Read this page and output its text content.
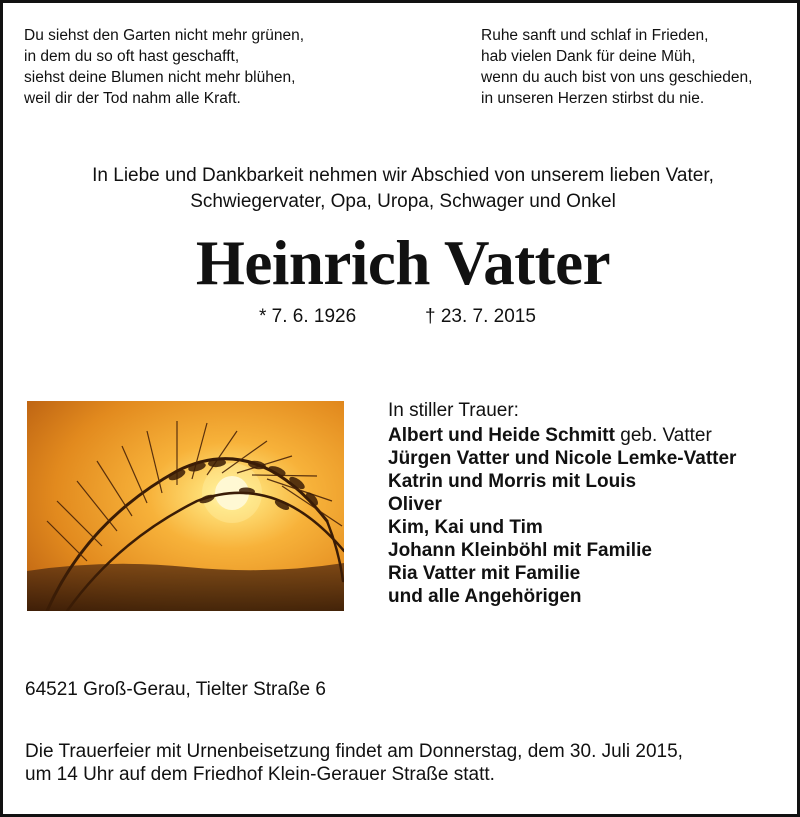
Du siehst den Garten nicht mehr grünen,
in dem du so oft hast geschafft,
siehst deine Blumen nicht mehr blühen,
weil dir der Tod nahm alle Kraft.
Ruhe sanft und schlaf in Frieden,
hab vielen Dank für deine Müh,
wenn du auch bist von uns geschieden,
in unseren Herzen stirbst du nie.
In Liebe und Dankbarkeit nehmen wir Abschied von unserem lieben Vater,
Schwiegervater, Opa, Uropa, Schwager und Onkel
Heinrich Vatter
* 7. 6. 1926	† 23. 7. 2015
In stiller Trauer:
Albert und Heide Schmitt geb. Vatter
Jürgen Vatter und Nicole Lemke-Vatter
Katrin und Morris mit Louis
Oliver
Kim, Kai und Tim
Johann Kleinböhl mit Familie
Ria Vatter mit Familie
und alle Angehörigen
64521 Groß-Gerau, Tielter Straße 6
Die Trauerfeier mit Urnenbeisetzung findet am Donnerstag, dem 30. Juli 2015,
um 14 Uhr auf dem Friedhof Klein-Gerauer Straße statt.
